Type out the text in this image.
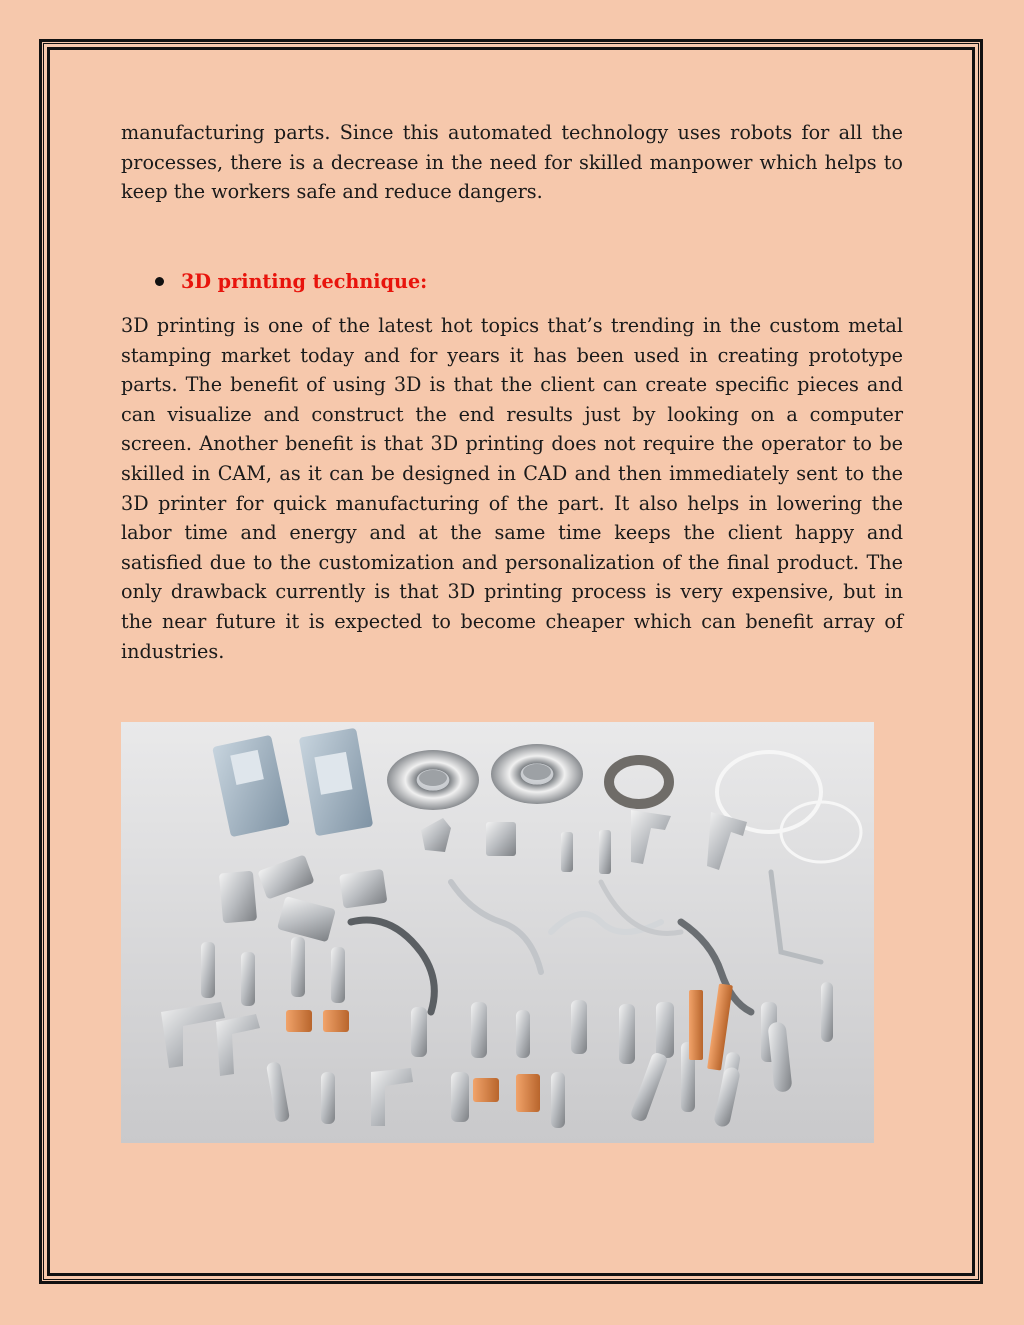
manufacturing parts. Since this automated technology uses robots for all the processes, there is a decrease in the need for skilled manpower which helps to keep the workers safe and reduce dangers.

3D printing technique:

3D printing is one of the latest hot topics that’s trending in the custom metal stamping market today and for years it has been used in creating prototype parts. The benefit of using 3D is that the client can create specific pieces and can visualize and construct the end results just by looking on a computer screen. Another benefit is that 3D printing does not require the operator to be skilled in CAM, as it can be designed in CAD and then immediately sent to the 3D printer for quick manufacturing of the part. It also helps in lowering the labor time and energy and at the same time keeps the client happy and satisfied due to the customization and personalization of the final product. The only drawback currently is that 3D printing process is very expensive, but in the near future it is expected to become cheaper which can benefit array of industries.
